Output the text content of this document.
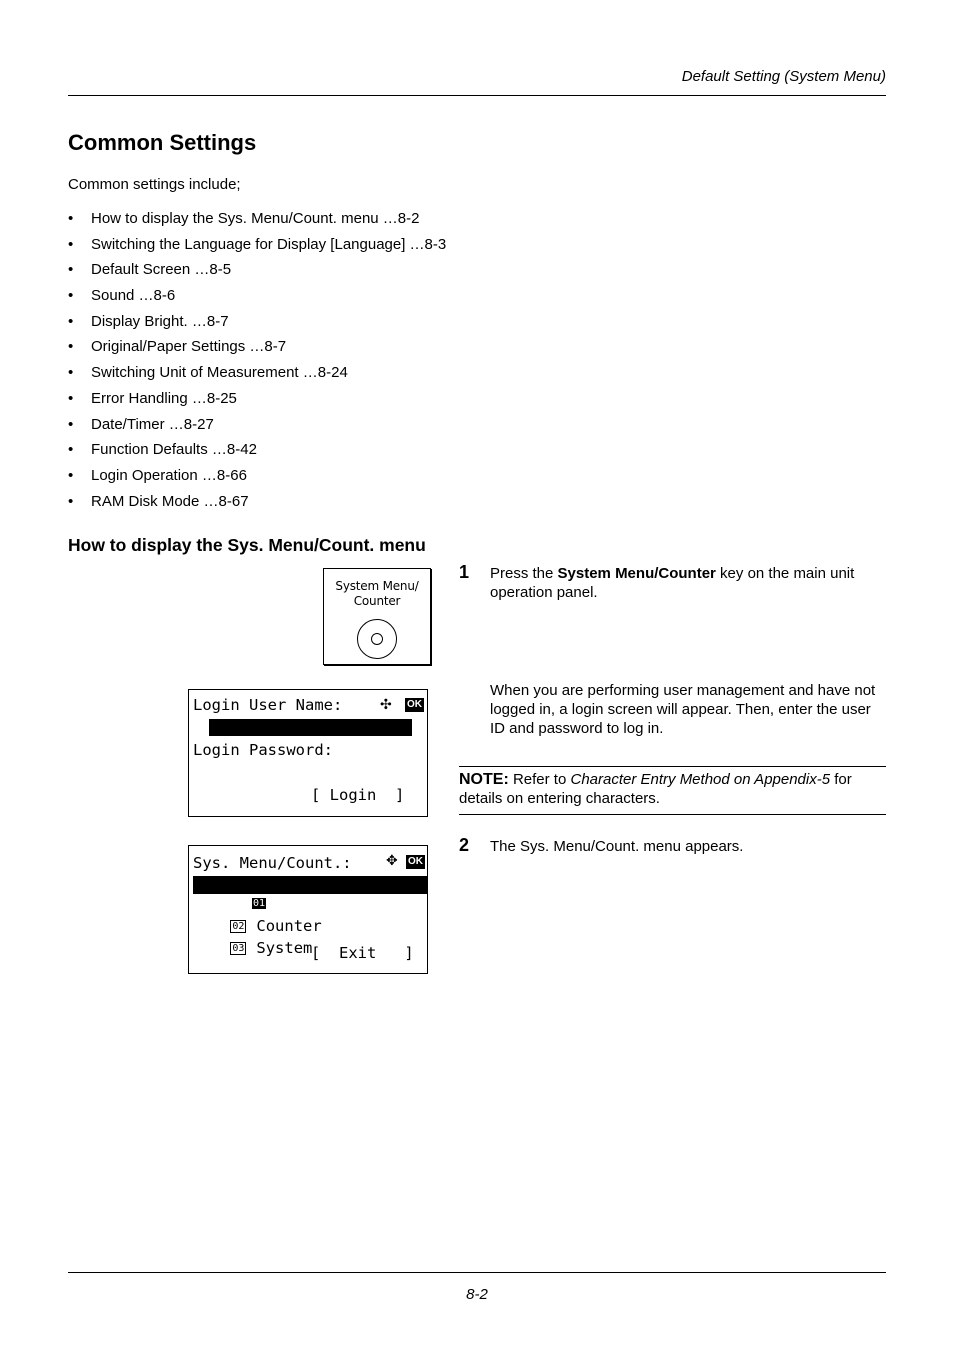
Default Setting (System Menu)
Common Settings
Common settings include;
• How to display the Sys. Menu/Count. menu …8-2
• Switching the Language for Display [Language] …8-3
• Default Screen …8-5
• Sound …8-6
• Display Bright. …8-7
• Original/Paper Settings …8-7
• Switching Unit of Measurement …8-24
• Error Handling …8-25
• Date/Timer …8-27
• Function Defaults …8-42
• Login Operation …8-66
• RAM Disk Mode …8-67
How to display the Sys. Menu/Count. menu
System Menu/
Counter
Login User Name:	✣ OK
Login Password:
[ Login  ]
Sys. Menu/Count.: ✥ OK

01 Report

02 Counter

03 System

[  Exit   ]
1 Press the System Menu/Counter key on the main unit operation panel.
When you are performing user management and have not logged in, a login screen will appear. Then, enter the user ID and password to log in.
NOTE: Refer to Character Entry Method on Appendix-5 for details on entering characters.
2 The Sys. Menu/Count. menu appears.
8-2
